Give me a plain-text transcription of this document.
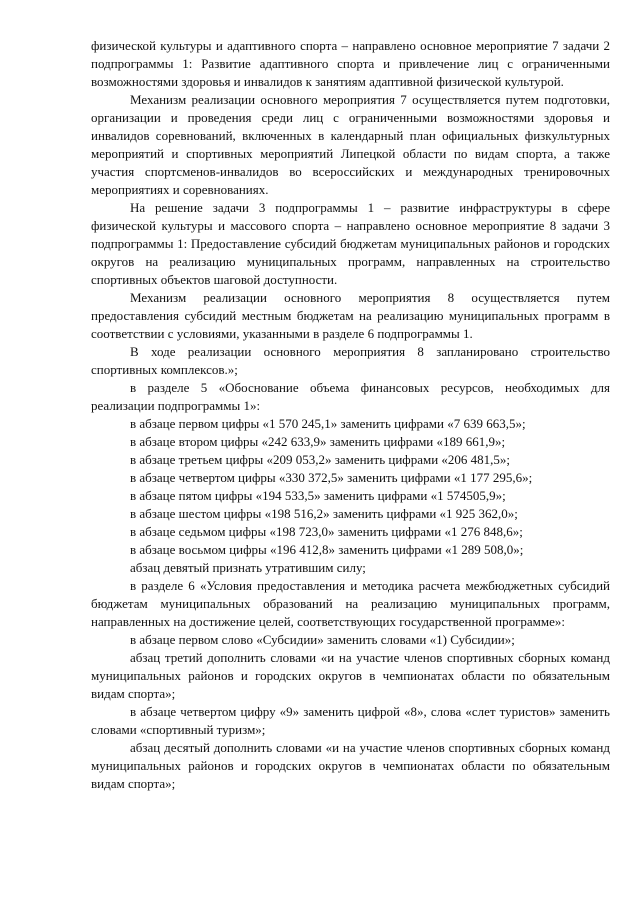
физической культуры и адаптивного спорта – направлено основное мероприятие 7 задачи 2 подпрограммы 1: Развитие адаптивного спорта и привлечение лиц с ограниченными возможностями здоровья и инвалидов к занятиям адаптивной физической культурой.

Механизм реализации основного мероприятия 7 осуществляется путем подготовки, организации и проведения среди лиц с ограниченными возможностями здоровья и инвалидов соревнований, включенных в календарный план официальных физкультурных мероприятий и спортивных мероприятий Липецкой области по видам спорта, а также участия спортсменов-инвалидов во всероссийских и международных тренировочных мероприятиях и соревнованиях.

На решение задачи 3 подпрограммы 1 – развитие инфраструктуры в сфере физической культуры и массового спорта – направлено основное мероприятие 8 задачи 3 подпрограммы 1: Предоставление субсидий бюджетам муниципальных районов и городских округов на реализацию муниципальных программ, направленных на строительство спортивных объектов шаговой доступности.

Механизм реализации основного мероприятия 8 осуществляется путем предоставления субсидий местным бюджетам на реализацию муниципальных программ в соответствии с условиями, указанными в разделе 6 подпрограммы 1.

В ходе реализации основного мероприятия 8 запланировано строительство спортивных комплексов.»;

в разделе 5 «Обоснование объема финансовых ресурсов, необходимых для реализации подпрограммы 1»:

в абзаце первом цифры «1 570 245,1» заменить цифрами «7 639 663,5»;

в абзаце втором цифры «242 633,9» заменить цифрами «189 661,9»;

в абзаце третьем цифры «209 053,2» заменить цифрами «206 481,5»;

в абзаце четвертом цифры «330 372,5» заменить цифрами «1 177 295,6»;

в абзаце пятом цифры «194 533,5» заменить цифрами «1 574505,9»;

в абзаце шестом цифры «198 516,2» заменить цифрами «1 925 362,0»;

в абзаце седьмом цифры «198 723,0» заменить цифрами «1 276 848,6»;

в абзаце восьмом цифры «196 412,8» заменить цифрами «1 289 508,0»;

абзац девятый признать утратившим силу;

в разделе 6 «Условия предоставления и методика расчета межбюджетных субсидий бюджетам муниципальных образований на реализацию муниципальных программ, направленных на достижение целей, соответствующих государственной программе»:

в абзаце первом слово «Субсидии» заменить словами «1) Субсидии»;

абзац третий дополнить словами «и на участие членов спортивных сборных команд муниципальных районов и городских округов в чемпионатах области по обязательным видам спорта»;

в абзаце четвертом цифру «9» заменить цифрой «8», слова «слет туристов» заменить словами «спортивный туризм»;

абзац десятый дополнить словами «и на участие членов спортивных сборных команд муниципальных районов и городских округов в чемпионатах области по обязательным видам спорта»;
